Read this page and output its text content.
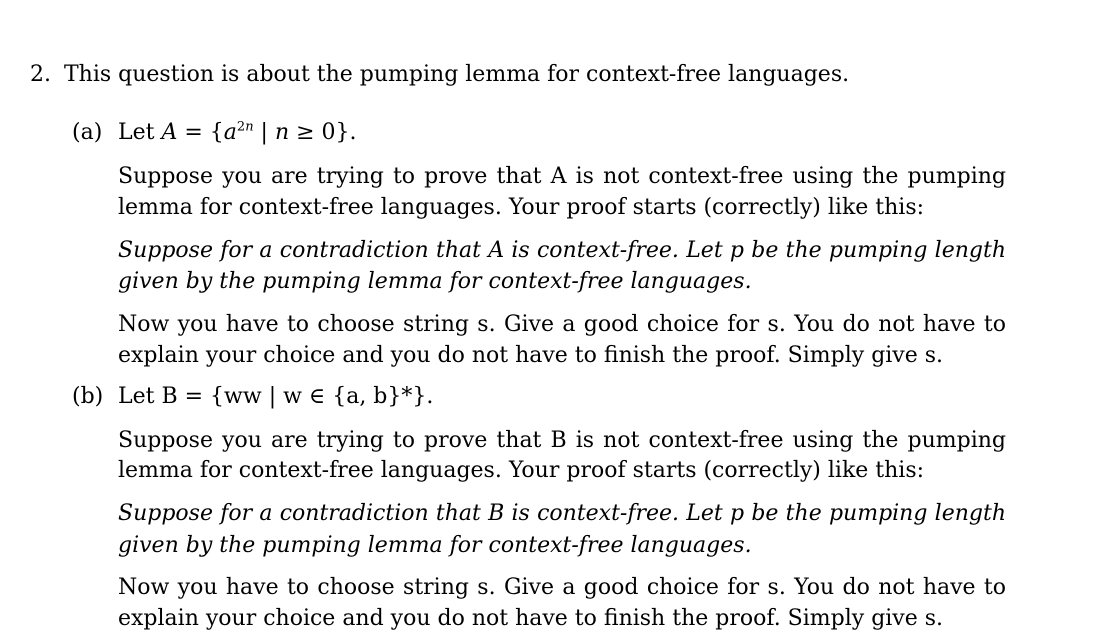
2. This question is about the pumping lemma for context-free languages.
(a) Let $A = \{a^{2n}$ | n ≥ 0}.
Suppose you are trying to prove that A is not context-free using the pumping
lemma for context-free languages. Your proof starts (correctly) like this:
Suppose for a contradiction that A is context-free. Let p be the pumping length
given by the pumping lemma for context-free languages.
Now you have to choose string s. Give a good choice for s. You do not have to
explain your choice and you do not have to finish the proof. Simply give s.
(b) Let B = {ww | w ∈ {a, b}*}.
Suppose you are trying to prove that B is not context-free using the pumping
lemma for context-free languages. Your proof starts (correctly) like this:
Suppose for a contradiction that B is context-free. Let p be the pumping length
given by the pumping lemma for context-free languages.
Now you have to choose string s. Give a good choice for s. You do not have to
explain your choice and you do not have to finish the proof. Simply give s.
